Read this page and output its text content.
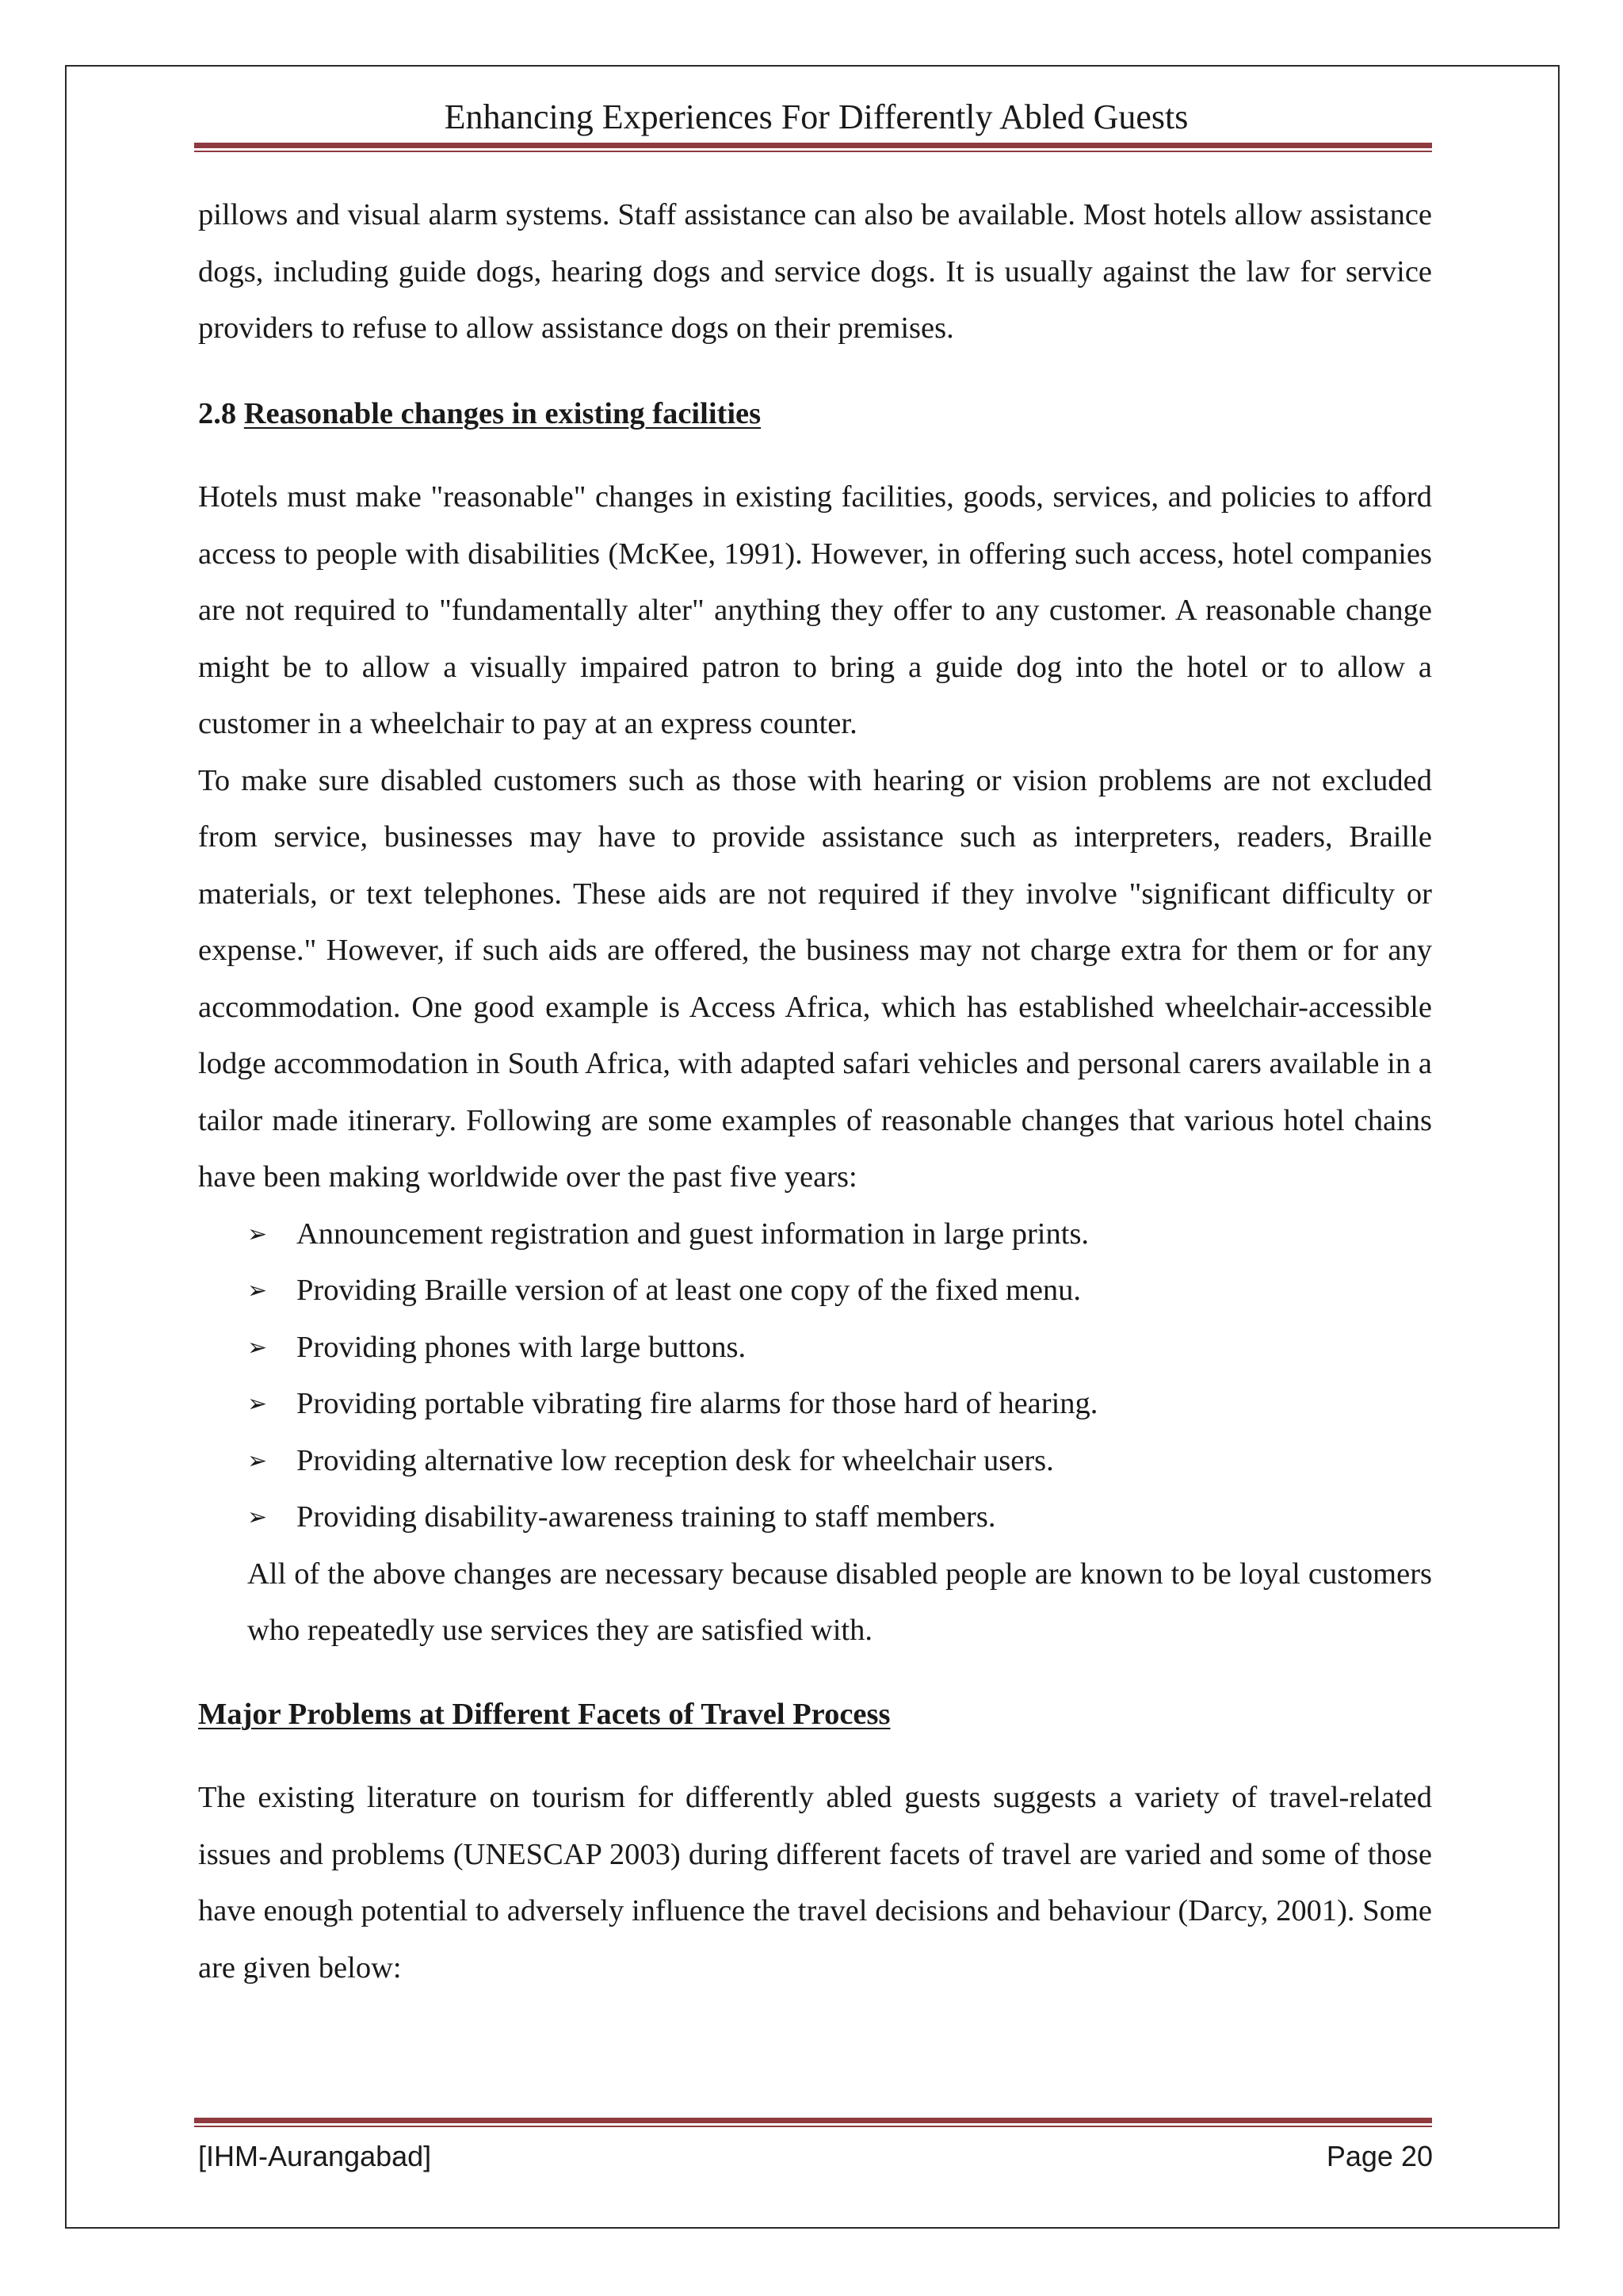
Enhancing Experiences For Differently Abled Guests

pillows and visual alarm systems. Staff assistance can also be available. Most hotels allow assistance dogs, including guide dogs, hearing dogs and service dogs. It is usually against the law for service providers to refuse to allow assistance dogs on their premises.

2.8 Reasonable changes in existing facilities

Hotels must make "reasonable" changes in existing facilities, goods, services, and policies to afford access to people with disabilities (McKee, 1991). However, in offering such access, hotel companies are not required to "fundamentally alter" anything they offer to any customer. A reasonable change might be to allow a visually impaired patron to bring a guide dog into the hotel or to allow a customer in a wheelchair to pay at an express counter.

To make sure disabled customers such as those with hearing or vision problems are not excluded from service, businesses may have to provide assistance such as interpreters, readers, Braille materials, or text telephones. These aids are not required if they involve "significant difficulty or expense." However, if such aids are offered, the business may not charge extra for them or for any accommodation. One good example is Access Africa, which has established wheelchair-accessible lodge accommodation in South Africa, with adapted safari vehicles and personal carers available in a tailor made itinerary. Following are some examples of reasonable changes that various hotel chains have been making worldwide over the past five years:

➢ Announcement registration and guest information in large prints.
➢ Providing Braille version of at least one copy of the fixed menu.
➢ Providing phones with large buttons.
➢ Providing portable vibrating fire alarms for those hard of hearing.
➢ Providing alternative low reception desk for wheelchair users.
➢ Providing disability-awareness training to staff members.

All of the above changes are necessary because disabled people are known to be loyal customers who repeatedly use services they are satisfied with.

Major Problems at Different Facets of Travel Process

The existing literature on tourism for differently abled guests suggests a variety of travel-related issues and problems (UNESCAP 2003) during different facets of travel are varied and some of those have enough potential to adversely influence the travel decisions and behaviour (Darcy, 2001). Some are given below:

[IHM-Aurangabad]	Page 20
